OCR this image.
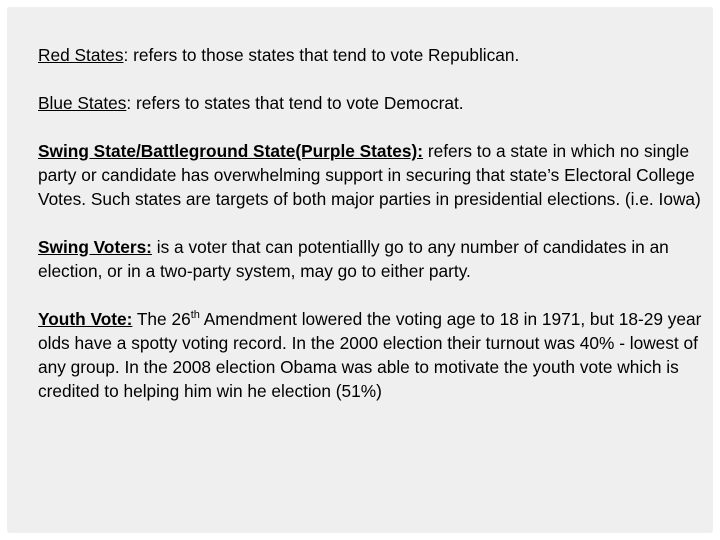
Red States: refers to those states that tend to vote Republican.

Blue States: refers to states that tend to vote Democrat.

Swing State/Battleground State(Purple States): refers to a state in which no single party or candidate has overwhelming support in securing that state’s Electoral College Votes. Such states are targets of both major parties in presidential elections. (i.e. Iowa)

Swing Voters: is a voter that can potentiallly go to any number of candidates in an election, or in a two-party system, may go to either party.

Youth Vote: The 26th Amendment lowered the voting age to 18 in 1971, but 18-29 year olds have a spotty voting record. In the 2000 election their turnout was 40% - lowest of any group. In the 2008 election Obama was able to motivate the youth vote which is credited to helping him win he election (51%)
